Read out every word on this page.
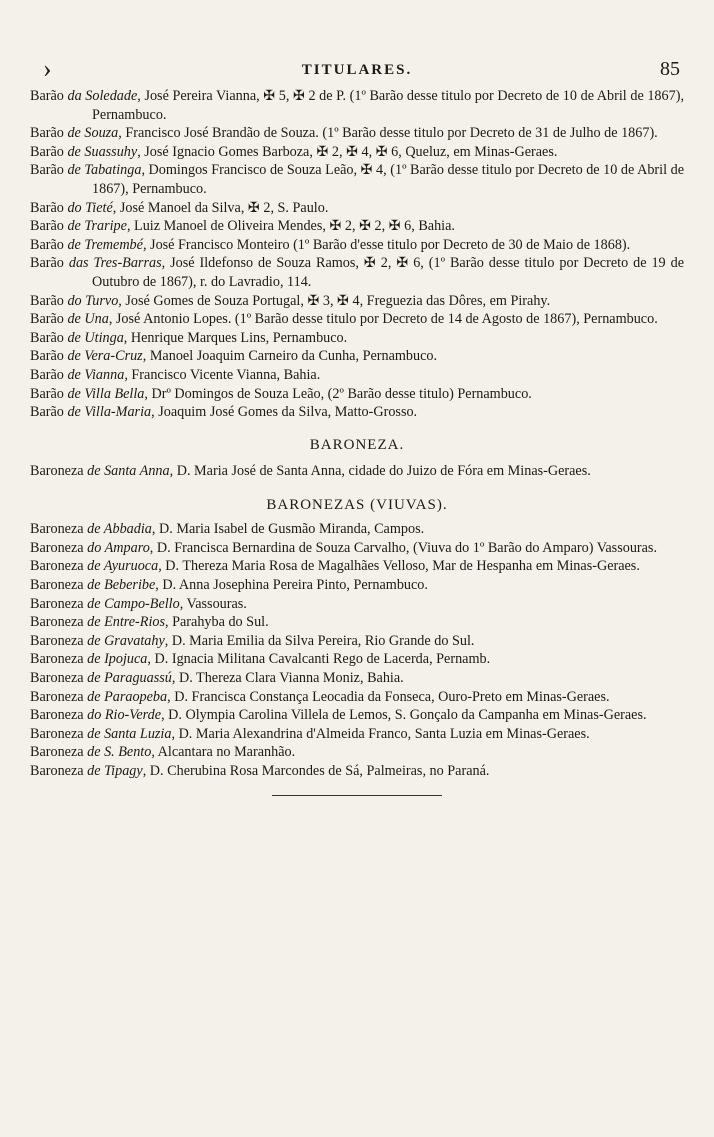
›	TITULARES.	85
Barão da Soledade, José Pereira Vianna, ✠ 5, ✠ 2 de P. (1º Barão desse titulo por Decreto de 10 de Abril de 1867), Pernambuco.
Barão de Souza, Francisco José Brandão de Souza. (1º Barão desse titulo por Decreto de 31 de Julho de 1867).
Barão de Suassuhy, José Ignacio Gomes Barboza, ✠ 2, ✠ 4, ✠ 6, Queluz, em Minas-Geraes.
Barão de Tabatinga, Domingos Francisco de Souza Leão, ✠ 4, (1º Barão desse titulo por Decreto de 10 de Abril de 1867), Pernambuco.
Barão do Tieté, José Manoel da Silva, ✠ 2, S. Paulo.
Barão de Traripe, Luiz Manoel de Oliveira Mendes, ✠ 2, ✠ 2, ✠ 6, Bahia.
Barão de Tremembé, José Francisco Monteiro (1º Barão d'esse titulo por Decreto de 30 de Maio de 1868).
Barão das Tres-Barras, José Ildefonso de Souza Ramos, ✠ 2, ✠ 6, (1º Barão desse titulo por Decreto de 19 de Outubro de 1867), r. do Lavradio, 114.
Barão do Turvo, José Gomes de Souza Portugal, ✠ 3, ✠ 4, Freguezia das Dôres, em Pirahy.
Barão de Una, José Antonio Lopes. (1º Barão desse titulo por Decreto de 14 de Agosto de 1867), Pernambuco.
Barão de Utinga, Henrique Marques Lins, Pernambuco.
Barão de Vera-Cruz, Manoel Joaquim Carneiro da Cunha, Pernambuco.
Barão de Vianna, Francisco Vicente Vianna, Bahia.
Barão de Villa Bella, Drº Domingos de Souza Leão, (2º Barão desse titulo) Pernambuco.
Barão de Villa-Maria, Joaquim José Gomes da Silva, Matto-Grosso.
BARONEZA.
Baroneza de Santa Anna, D. Maria José de Santa Anna, cidade do Juizo de Fóra em Minas-Geraes.
BARONEZAS (VIUVAS).
Baroneza de Abbadia, D. Maria Isabel de Gusmão Miranda, Campos.
Baroneza do Amparo, D. Francisca Bernardina de Souza Carvalho, (Viuva do 1º Barão do Amparo) Vassouras.
Baroneza de Ayuruoca, D. Thereza Maria Rosa de Magalhães Velloso, Mar de Hespanha em Minas-Geraes.
Baroneza de Beberibe, D. Anna Josephina Pereira Pinto, Pernambuco.
Baroneza de Campo-Bello, Vassouras.
Baroneza de Entre-Rios, Parahyba do Sul.
Baroneza de Gravatahy, D. Maria Emilia da Silva Pereira, Rio Grande do Sul.
Baroneza de Ipojuca, D. Ignacia Militana Cavalcanti Rego de Lacerda, Pernamb.
Baroneza de Paraguassú, D. Thereza Clara Vianna Moniz, Bahia.
Baroneza de Paraopeba, D. Francisca Constança Leocadia da Fonseca, Ouro-Preto em Minas-Geraes.
Baroneza do Rio-Verde, D. Olympia Carolina Villela de Lemos, S. Gonçalo da Campanha em Minas-Geraes.
Baroneza de Santa Luzia, D. Maria Alexandrina d'Almeida Franco, Santa Luzia em Minas-Geraes.
Baroneza de S. Bento, Alcantara no Maranhão.
Baroneza de Tipagy, D. Cherubina Rosa Marcondes de Sá, Palmeiras, no Paraná.
